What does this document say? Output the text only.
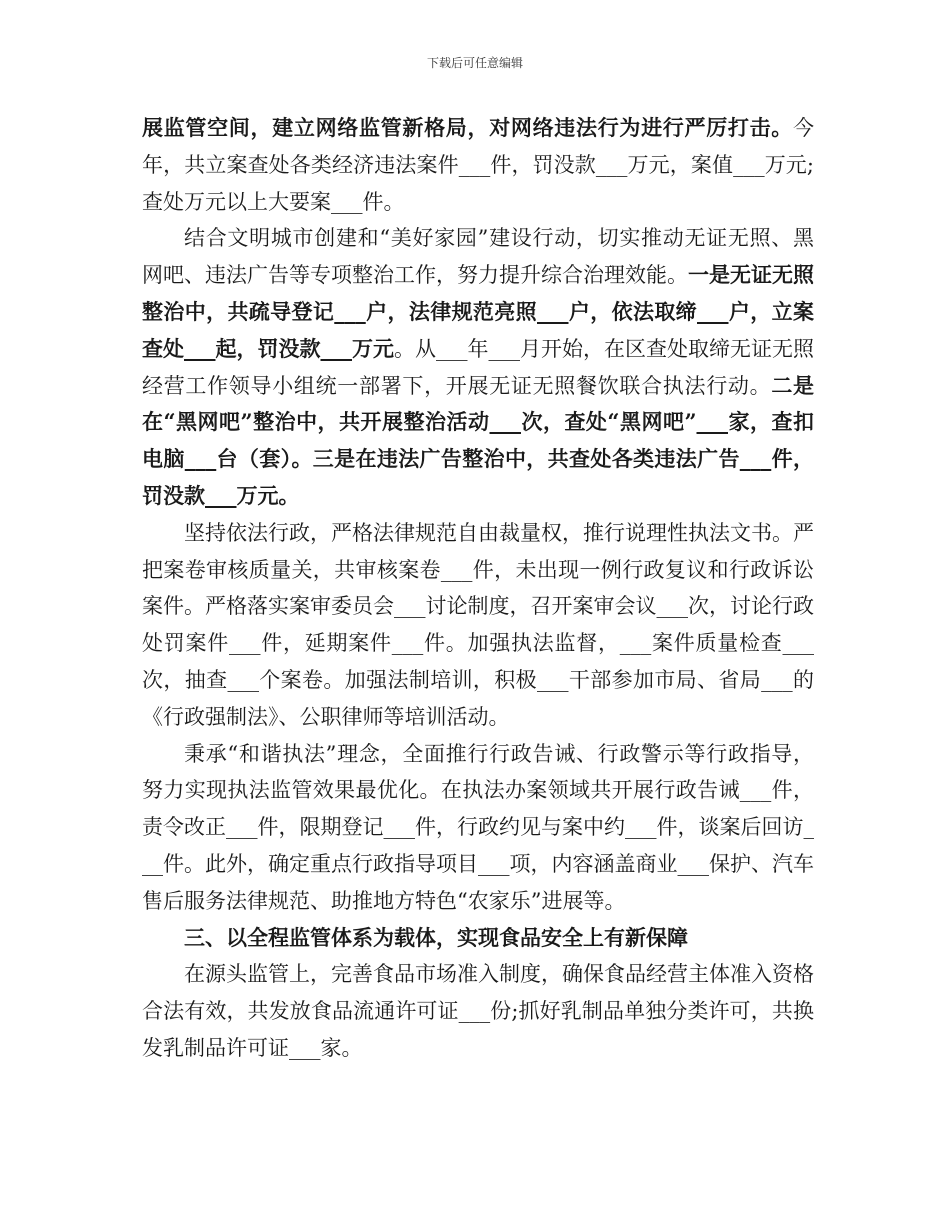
下载后可任意编辑

展监管空间，建立网络监管新格局，对网络违法行为进行严厉打击。今年，共立案查处各类经济违法案件___件，罚没款___万元，案值___万元;查处万元以上大要案___件。

结合文明城市创建和“美好家园”建设行动，切实推动无证无照、黑网吧、违法广告等专项整治工作，努力提升综合治理效能。一是无证无照整治中，共疏导登记___户，法律规范亮照___户，依法取缔___户，立案查处___起，罚没款___万元。从___年___月开始，在区查处取缔无证无照经营工作领导小组统一部署下，开展无证无照餐饮联合执法行动。二是在“黑网吧”整治中，共开展整治活动___次，查处“黑网吧”___家，查扣电脑___台（套）。三是在违法广告整治中，共查处各类违法广告___件，罚没款___万元。

坚持依法行政，严格法律规范自由裁量权，推行说理性执法文书。严把案卷审核质量关，共审核案卷___件，未出现一例行政复议和行政诉讼案件。严格落实案审委员会___讨论制度，召开案审会议___次，讨论行政处罚案件___件，延期案件___件。加强执法监督，___案件质量检查___次，抽查___个案卷。加强法制培训，积极___干部参加市局、省局___的《行政强制法》、公职律师等培训活动。

秉承“和谐执法”理念，全面推行行政告诫、行政警示等行政指导，努力实现执法监管效果最优化。在执法办案领域共开展行政告诫___件，责令改正___件，限期登记___件，行政约见与案中约___件，谈案后回访___件。此外，确定重点行政指导项目___项，内容涵盖商业___保护、汽车售后服务法律规范、助推地方特色“农家乐”进展等。

三、以全程监管体系为载体，实现食品安全上有新保障

在源头监管上，完善食品市场准入制度，确保食品经营主体准入资格合法有效，共发放食品流通许可证___份;抓好乳制品单独分类许可，共换发乳制品许可证___家。
